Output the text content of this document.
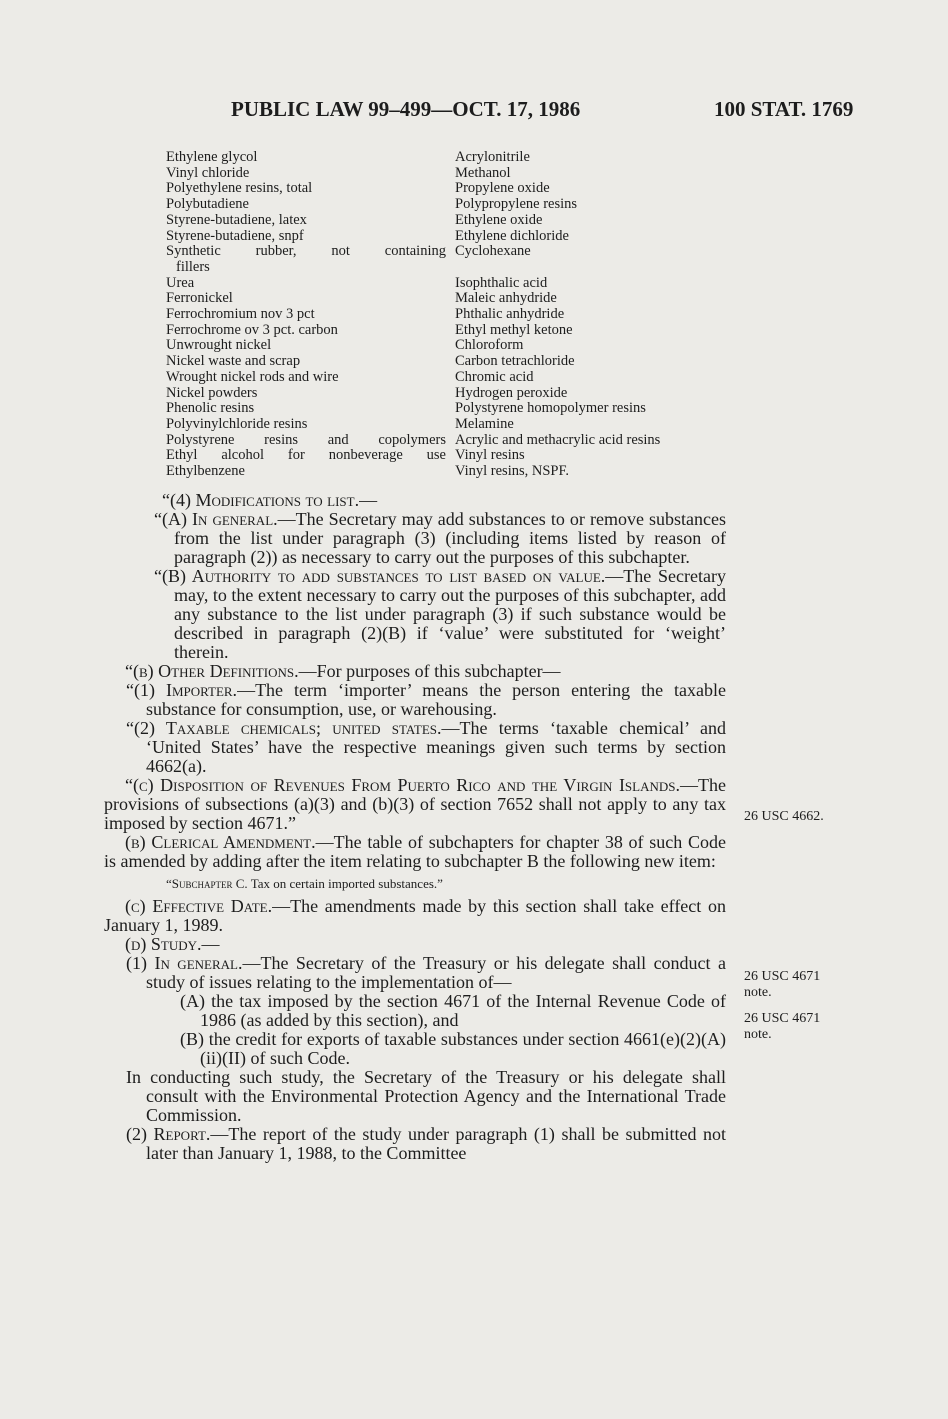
PUBLIC LAW 99–499—OCT. 17, 1986	100 STAT. 1769
Ethylene glycol
Vinyl chloride
Polyethylene resins, total
Polybutadiene
Styrene-butadiene, latex
Styrene-butadiene, snpf
Synthetic rubber, not containing
fillers
Urea
Ferronickel
Ferrochromium nov 3 pct
Ferrochrome ov 3 pct. carbon
Unwrought nickel
Nickel waste and scrap
Wrought nickel rods and wire
Nickel powders
Phenolic resins
Polyvinylchloride resins
Polystyrene resins and copolymers
Ethyl alcohol for nonbeverage use
Ethylbenzene
Acrylonitrile
Methanol
Propylene oxide
Polypropylene resins
Ethylene oxide
Ethylene dichloride
Cyclohexane

Isophthalic acid
Maleic anhydride
Phthalic anhydride
Ethyl methyl ketone
Chloroform
Carbon tetrachloride
Chromic acid
Hydrogen peroxide
Polystyrene homopolymer resins
Melamine
Acrylic and methacrylic acid resins
Vinyl resins
Vinyl resins, NSPF.

“(4) Modifications to list.—

“(A) In general.—The Secretary may add substances to or remove substances from the list under paragraph (3) (including items listed by reason of paragraph (2)) as necessary to carry out the purposes of this subchapter.

“(B) Authority to add substances to list based on value.—The Secretary may, to the extent necessary to carry out the purposes of this subchapter, add any substance to the list under paragraph (3) if such substance would be described in paragraph (2)(B) if ‘value’ were substituted for ‘weight’ therein.

“(b) Other Definitions.—For purposes of this subchapter—

“(1) Importer.—The term ‘importer’ means the person entering the taxable substance for consumption, use, or warehousing.

“(2) Taxable chemicals; united states.—The terms ‘taxable chemical’ and ‘United States’ have the respective meanings given such terms by section 4662(a).

“(c) Disposition of Revenues From Puerto Rico and the Virgin Islands.—The provisions of subsections (a)(3) and (b)(3) of section 7652 shall not apply to any tax imposed by section 4671.”

(b) Clerical Amendment.—The table of subchapters for chapter 38 of such Code is amended by adding after the item relating to subchapter B the following new item:

“Subchapter C. Tax on certain imported substances.”

(c) Effective Date.—The amendments made by this section shall take effect on January 1, 1989.

(d) Study.—

(1) In general.—The Secretary of the Treasury or his delegate shall conduct a study of issues relating to the implementation of—

(A) the tax imposed by the section 4671 of the Internal Revenue Code of 1986 (as added by this section), and

(B) the credit for exports of taxable substances under section 4661(e)(2)(A)(ii)(II) of such Code.

In conducting such study, the Secretary of the Treasury or his delegate shall consult with the Environmental Protection Agency and the International Trade Commission.

(2) Report.—The report of the study under paragraph (1) shall be submitted not later than January 1, 1988, to the Committee

26 USC 4662.
26 USC 4671
note.
26 USC 4671
note.
